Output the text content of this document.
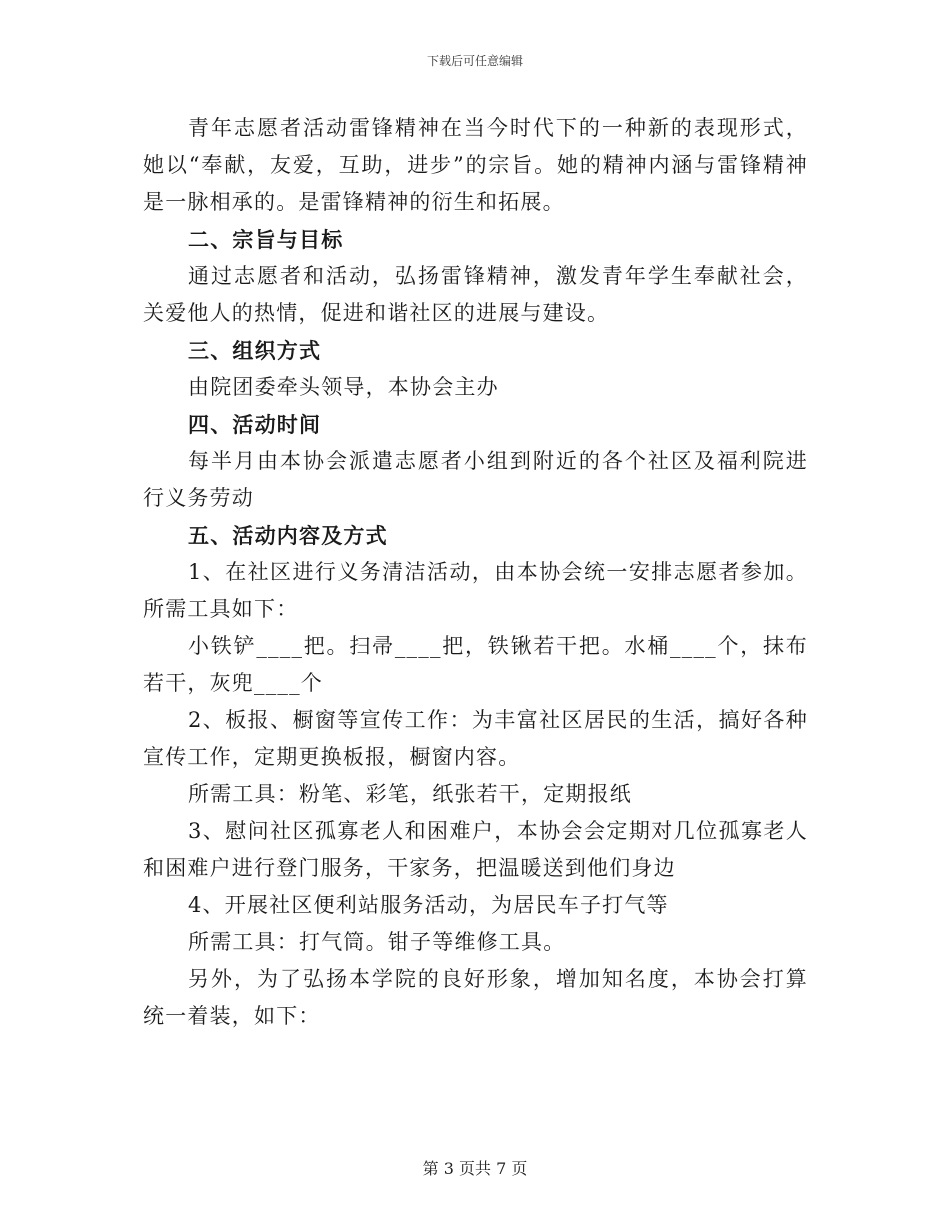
下载后可任意编辑

青年志愿者活动雷锋精神在当今时代下的一种新的表现形式，她以“奉献，友爱，互助，进步”的宗旨。她的精神内涵与雷锋精神是一脉相承的。是雷锋精神的衍生和拓展。

二、宗旨与目标

通过志愿者和活动，弘扬雷锋精神，激发青年学生奉献社会，关爱他人的热情，促进和谐社区的进展与建设。

三、组织方式

由院团委牵头领导，本协会主办

四、活动时间

每半月由本协会派遣志愿者小组到附近的各个社区及福利院进行义务劳动

五、活动内容及方式

1、在社区进行义务清洁活动，由本协会统一安排志愿者参加。所需工具如下：

小铁铲____把。扫帚____把，铁锹若干把。水桶____个，抹布若干，灰兜____个

2、板报、橱窗等宣传工作：为丰富社区居民的生活，搞好各种宣传工作，定期更换板报，橱窗内容。

所需工具：粉笔、彩笔，纸张若干，定期报纸

3、慰问社区孤寡老人和困难户，本协会会定期对几位孤寡老人和困难户进行登门服务，干家务，把温暖送到他们身边

4、开展社区便利站服务活动，为居民车子打气等

所需工具：打气筒。钳子等维修工具。

另外，为了弘扬本学院的良好形象，增加知名度，本协会打算统一着装，如下：

第 3 页共 7 页
